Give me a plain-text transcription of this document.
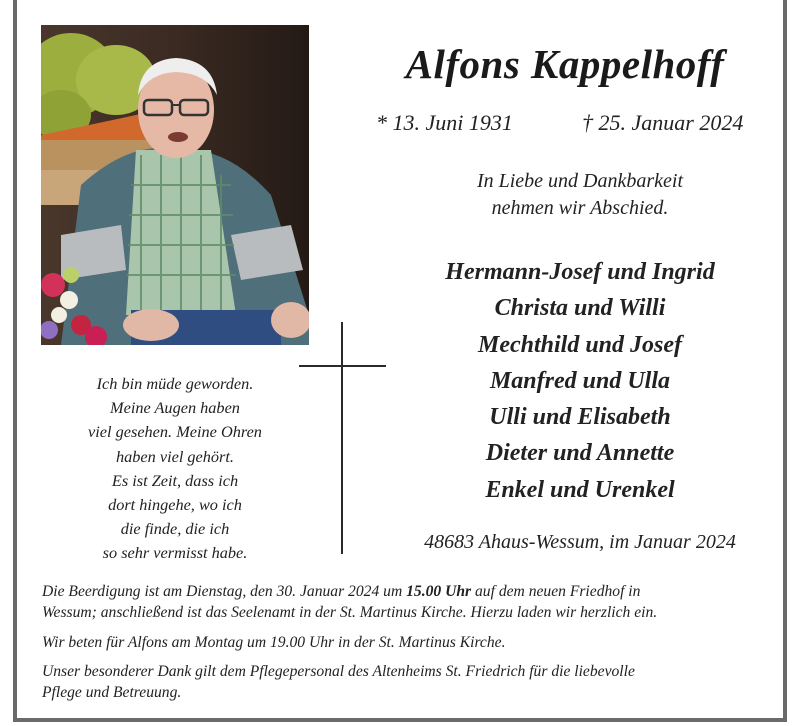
Alfons Kappelhoff
* 13. Juni 1931	† 25. Januar 2024
In Liebe und Dankbarkeit
nehmen wir Abschied.
Hermann-Josef und Ingrid
Christa und Willi
Mechthild und Josef
Manfred und Ulla
Ulli und Elisabeth
Dieter und Annette
Enkel und Urenkel
Ich bin müde geworden.
Meine Augen haben
viel gesehen. Meine Ohren
haben viel gehört.
Es ist Zeit, dass ich
dort hingehe, wo ich
die finde, die ich
so sehr vermisst habe.	48683 Ahaus-Wessum, im Januar 2024
Die Beerdigung ist am Dienstag, den 30. Januar 2024 um 15.00 Uhr auf dem neuen Friedhof in
Wessum; anschließend ist das Seelenamt in der St. Martinus Kirche. Hierzu laden wir herzlich ein.
Wir beten für Alfons am Montag um 19.00 Uhr in der St. Martinus Kirche.
Unser besonderer Dank gilt dem Pflegepersonal des Altenheims St. Friedrich für die liebevolle
Pflege und Betreuung.
